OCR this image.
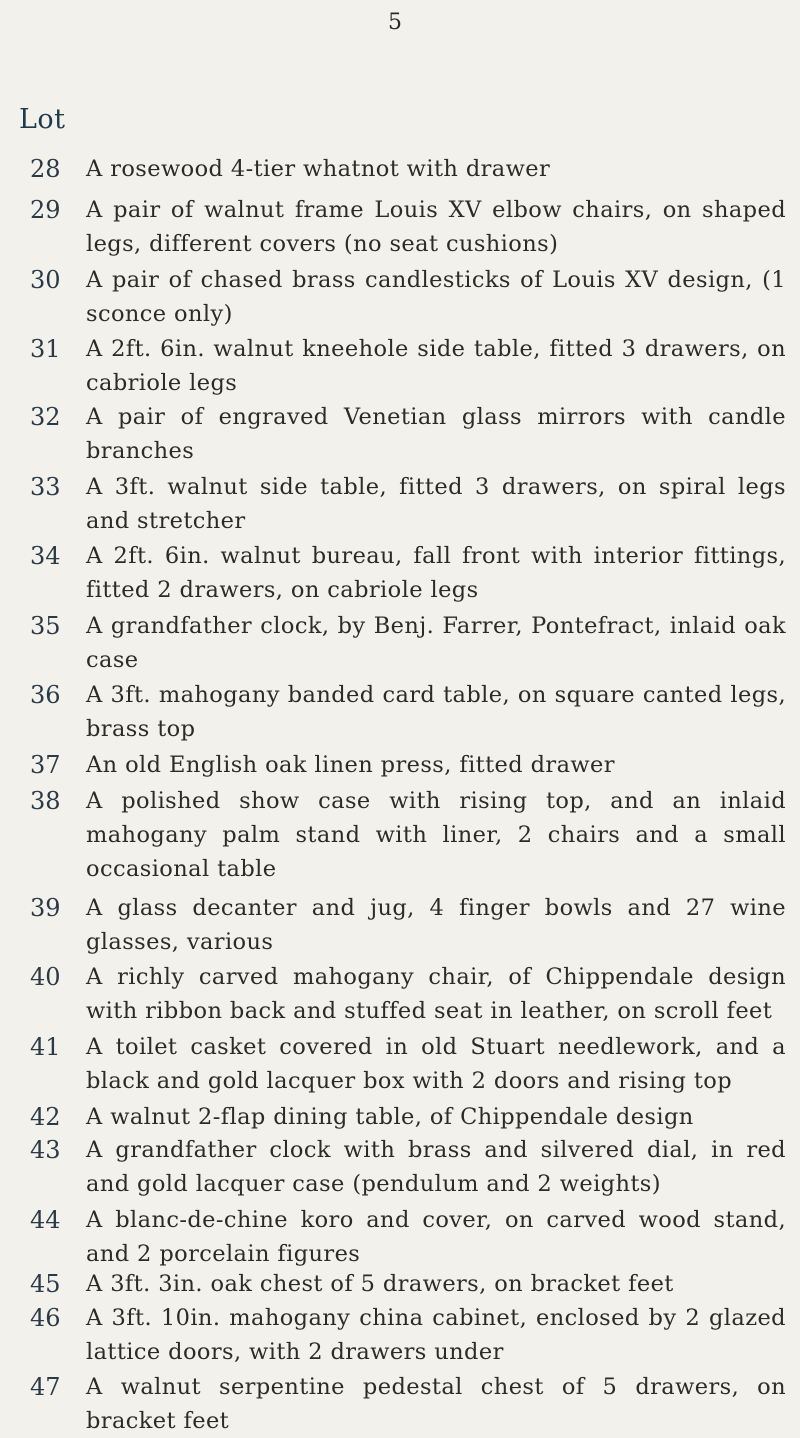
5
Lot
28	A rosewood 4-tier whatnot with drawer
29	A pair of walnut frame Louis XV elbow chairs, on shaped legs, different covers (no seat cushions)
30	A pair of chased brass candlesticks of Louis XV design, (1 sconce only)
31	A 2ft. 6in. walnut kneehole side table, fitted 3 drawers, on cabriole legs
32	A pair of engraved Venetian glass mirrors with candle branches
33	A 3ft. walnut side table, fitted 3 drawers, on spiral legs and stretcher
34	A 2ft. 6in. walnut bureau, fall front with interior fittings, fitted 2 drawers, on cabriole legs
35	A grandfather clock, by Benj. Farrer, Pontefract, inlaid oak case
36	A 3ft. mahogany banded card table, on square canted legs, brass top
37	An old English oak linen press, fitted drawer
38	A polished show case with rising top, and an inlaid mahogany palm stand with liner, 2 chairs and a small occasional table
39	A glass decanter and jug, 4 finger bowls and 27 wine glasses, various
40	A richly carved mahogany chair, of Chippendale design with ribbon back and stuffed seat in leather, on scroll feet
41	A toilet casket covered in old Stuart needlework, and a black and gold lacquer box with 2 doors and rising top
42	A walnut 2-flap dining table, of Chippendale design
43	A grandfather clock with brass and silvered dial, in red and gold lacquer case (pendulum and 2 weights)
44	A blanc-de-chine koro and cover, on carved wood stand, and 2 porcelain figures
45	A 3ft. 3in. oak chest of 5 drawers, on bracket feet
46	A 3ft. 10in. mahogany china cabinet, enclosed by 2 glazed lattice doors, with 2 drawers under
47	A walnut serpentine pedestal chest of 5 drawers, on bracket feet
